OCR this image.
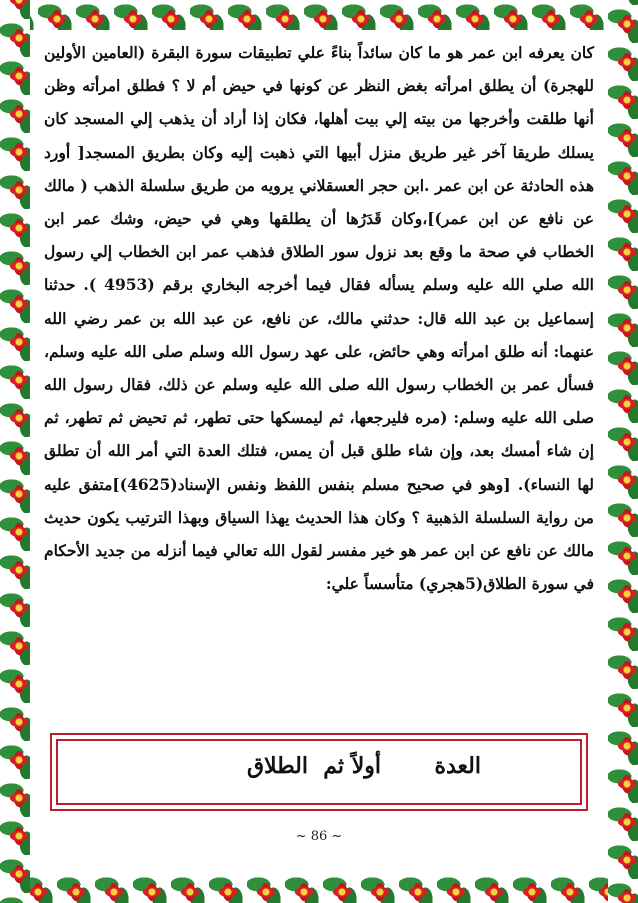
كان يعرفه ابن عمر هو ما كان سائداً بناءً علي تطبيقات سورة البقرة (العامين الأولين للهجرة) أن يطلق امرأته بغض النظر عن كونها في حيض أم لا ؟ فطلق امرأته وظن أنها طلقت وأخرجها من بيته إلي بيت أهلها، فكان إذا أراد أن يذهب إلي المسجد كان يسلك طريقا آخر غير طريق منزل أبيها التي ذهبت إليه وكان بطريق المسجد[ أورد هذه الحادثة عن ابن عمر .ابن حجر العسقلاني يرويه من طريق سلسلة الذهب ( مالك عن نافع عن ابن عمر)]،وكان قَدَرُها أن يطلقها وهي في حيض، وشك عمر ابن الخطاب في صحة ما وقع بعد نزول سور الطلاق فذهب عمر ابن الخطاب إلي رسول الله صلي الله عليه وسلم يسأله فقال فيما أخرجه البخاري برقم (4953 ). حدثنا إسماعيل بن عبد الله قال: حدثني مالك، عن نافع، عن عبد الله بن عمر رضي الله عنهما: أنه طلق امرأته وهي حائض، على عهد رسول الله وسلم صلى الله عليه وسلم، فسأل عمر بن الخطاب رسول الله صلى الله عليه وسلم عن ذلك، فقال رسول الله صلى الله عليه وسلم: (مره فليرجعها، ثم ليمسكها حتى تطهر، ثم تحيض ثم تطهر، ثم إن شاء أمسك بعد، وإن شاء طلق قبل أن يمس، فتلك العدة التي أمر الله أن تطلق لها النساء). [وهو في صحيح مسلم بنفس اللفظ ونفس الإسناد(4625)]متفق عليه من رواية السلسلة الذهبية ؟ وكان هذا الحديث يهذا السياق وبهذا الترتيب يكون حديث مالك عن نافع عن ابن عمر هو خير مفسر لقول الله تعالي فيما أنزله من جديد الأحكام في سورة الطلاق(5هجري) متأسساً علي:

العدة
أولاً ثم
الطلاق
~ 86 ~
